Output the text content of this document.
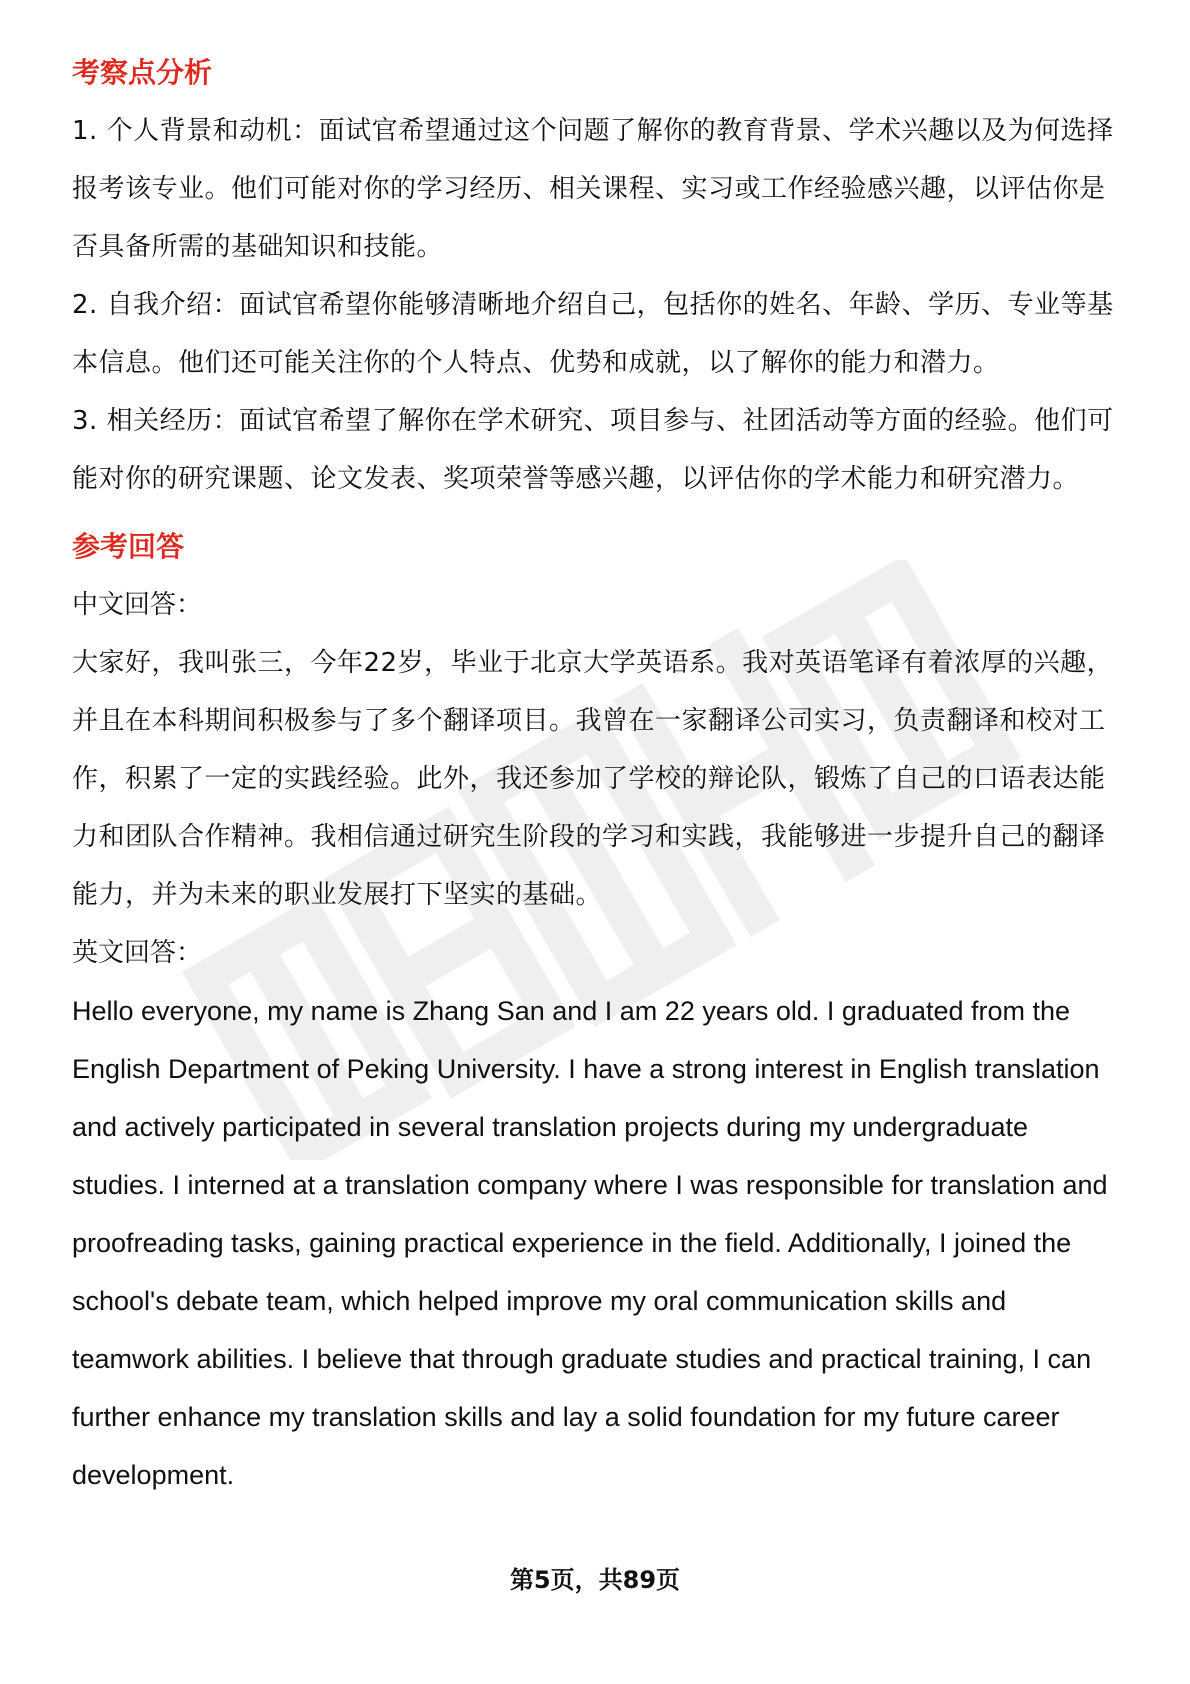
考察点分析

1. 个人背景和动机：面试官希望通过这个问题了解你的教育背景、学术兴趣以及为何选择报考该专业。他们可能对你的学习经历、相关课程、实习或工作经验感兴趣，以评估你是否具备所需的基础知识和技能。

2. 自我介绍：面试官希望你能够清晰地介绍自己，包括你的姓名、年龄、学历、专业等基本信息。他们还可能关注你的个人特点、优势和成就，以了解你的能力和潜力。

3. 相关经历：面试官希望了解你在学术研究、项目参与、社团活动等方面的经验。他们可能对你的研究课题、论文发表、奖项荣誉等感兴趣，以评估你的学术能力和研究潜力。

参考回答
中文回答：

大家好，我叫张三，今年22岁，毕业于北京大学英语系。我对英语笔译有着浓厚的兴趣，并且在本科期间积极参与了多个翻译项目。我曾在一家翻译公司实习，负责翻译和校对工作，积累了一定的实践经验。此外，我还参加了学校的辩论队，锻炼了自己的口语表达能力和团队合作精神。我相信通过研究生阶段的学习和实践，我能够进一步提升自己的翻译能力，并为未来的职业发展打下坚实的基础。

英文回答：

Hello everyone, my name is Zhang San and I am 22 years old. I graduated from the English Department of Peking University. I have a strong interest in English translation and actively participated in several translation projects during my undergraduate studies. I interned at a translation company where I was responsible for translation and proofreading tasks, gaining practical experience in the field. Additionally, I joined the school's debate team, which helped improve my oral communication skills and teamwork abilities. I believe that through graduate studies and practical training, I can further enhance my translation skills and lay a solid foundation for my future career development.

第5页，共89页
